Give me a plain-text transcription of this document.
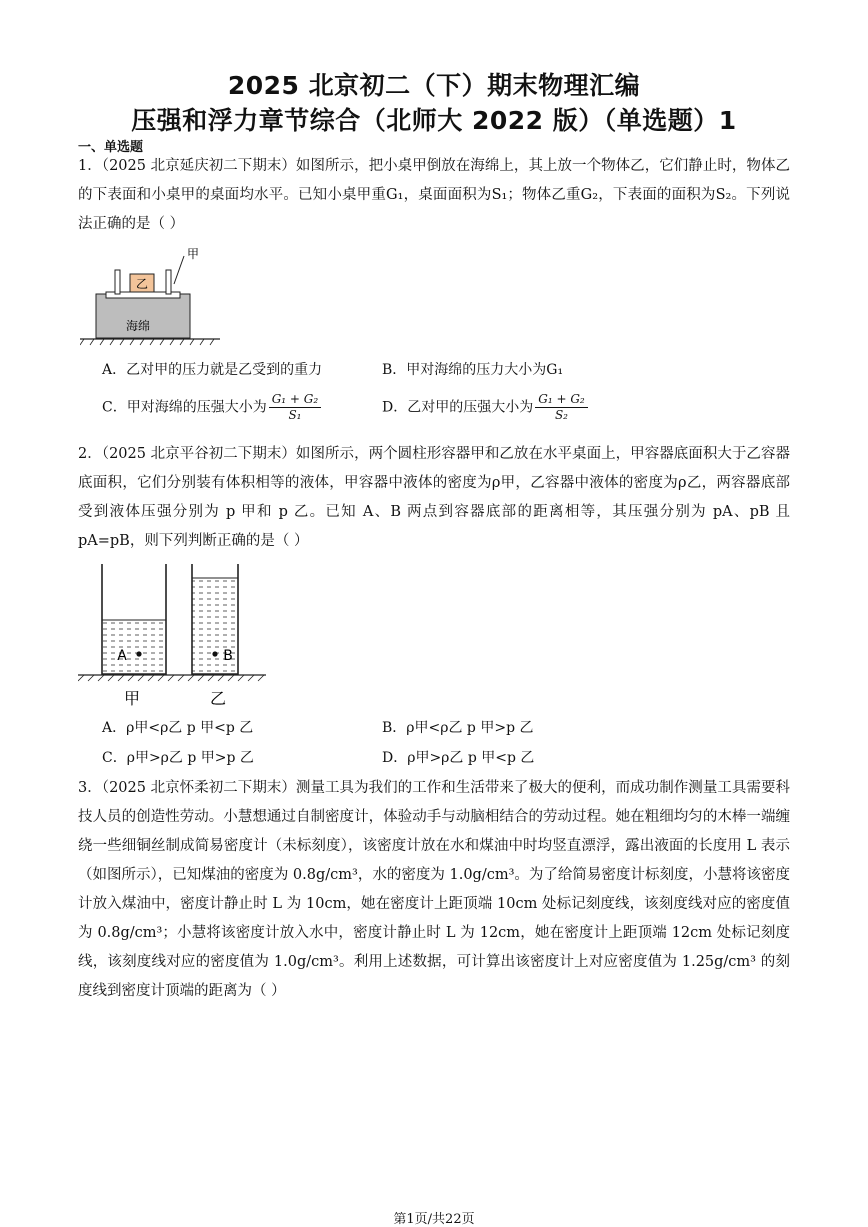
2025 北京初二（下）期末物理汇编
压强和浮力章节综合（北师大 2022 版）（单选题）1
一、单选题
1．（2025 北京延庆初二下期末）如图所示，把小桌甲倒放在海绵上，其上放一个物体乙，它们静止时，物体乙的下表面和小桌甲的桌面均水平。已知小桌甲重G₁，桌面面积为S₁；物体乙重G₂，下表面的面积为S₂。下列说法正确的是（ ）
乙
甲
海绵
A．乙对甲的压力就是乙受到的重力	B．甲对海绵的压力大小为G₁
C．甲对海绵的压强大小为 $\frac{\text{G₁ + G₂}}{\text{S₁}}$	D．乙对甲的压强大小为 $\frac{\text{G₁ + G₂}}{\text{S₂}}$
2．（2025 北京平谷初二下期末）如图所示，两个圆柱形容器甲和乙放在水平桌面上，甲容器底面积大于乙容器底面积，它们分别装有体积相等的液体，甲容器中液体的密度为ρ甲，乙容器中液体的密度为ρ乙，两容器底部受到液体压强分别为 p 甲和 p 乙。已知 A、B 两点到容器底部的距离相等，其压强分别为 pA、pB 且 pA=pB，则下列判断正确的是（ ）
A	B
甲	乙
A．ρ甲<ρ乙 p 甲<p 乙	B．ρ甲<ρ乙 p 甲>p 乙
C．ρ甲>ρ乙 p 甲>p 乙	D．ρ甲>ρ乙 p 甲<p 乙
3．（2025 北京怀柔初二下期末）测量工具为我们的工作和生活带来了极大的便利，而成功制作测量工具需要科技人员的创造性劳动。小慧想通过自制密度计，体验动手与动脑相结合的劳动过程。她在粗细均匀的木棒一端缠绕一些细铜丝制成简易密度计（未标刻度），该密度计放在水和煤油中时均竖直漂浮，露出液面的长度用 L 表示（如图所示），已知煤油的密度为 0.8g/cm³，水的密度为 1.0g/cm³。为了给简易密度计标刻度，小慧将该密度计放入煤油中，密度计静止时 L 为 10cm，她在密度计上距顶端 10cm 处标记刻度线，该刻度线对应的密度值为 0.8g/cm³；小慧将该密度计放入水中，密度计静止时 L 为 12cm，她在密度计上距顶端 12cm 处标记刻度线，该刻度线对应的密度值为 1.0g/cm³。利用上述数据，可计算出该密度计上对应密度值为 1.25g/cm³ 的刻度线到密度计顶端的距离为（ ）
第1页/共22页
